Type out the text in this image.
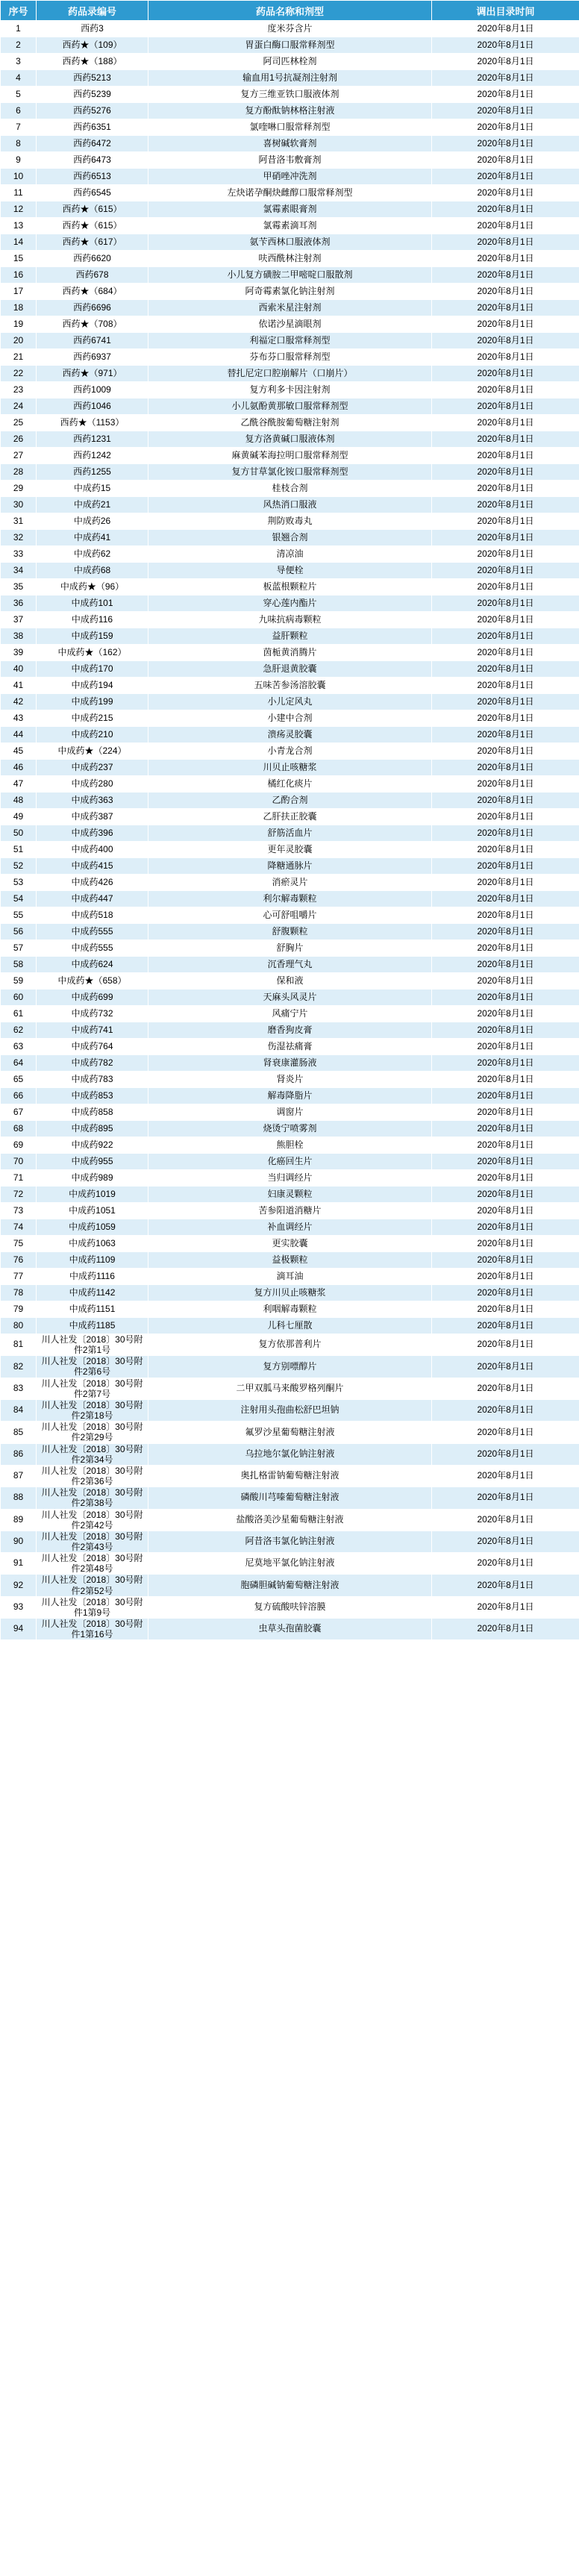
序号	药品录编号	药品名称和剂型	调出目录时间
1	西药3	度米芬含片	2020年8月1日
2	西药★（109）	胃蛋白酶口服常释剂型	2020年8月1日
3	西药★（188）	阿司匹林栓剂	2020年8月1日
4	西药5213	输血用1号抗凝剂注射剂	2020年8月1日
5	西药5239	复方三维亚铁口服液体剂	2020年8月1日
6	西药5276	复方酚酞钠林格注射液	2020年8月1日
7	西药6351	氯喹啉口服常释剂型	2020年8月1日
8	西药6472	喜树碱软膏剂	2020年8月1日
9	西药6473	阿昔洛韦敷膏剂	2020年8月1日
10	西药6513	甲硝唑冲洗剂	2020年8月1日
11	西药6545	左炔诺孕酮炔雌醇口服常释剂型	2020年8月1日
12	西药★（615）	氯霉素眼膏剂	2020年8月1日
13	西药★（615）	氯霉素滴耳剂	2020年8月1日
14	西药★（617）	氨苄西林口服液体剂	2020年8月1日
15	西药6620	呋西酰林注射剂	2020年8月1日
16	西药678	小儿复方磺胺二甲嘧啶口服散剂	2020年8月1日
17	西药★（684）	阿奇霉素氯化钠注射剂	2020年8月1日
18	西药6696	西索米星注射剂	2020年8月1日
19	西药★（708）	依诺沙星滴眼剂	2020年8月1日
20	西药6741	利福定口服常释剂型	2020年8月1日
21	西药6937	芬布芬口服常释剂型	2020年8月1日
22	西药★（971）	替扎尼定口腔崩解片（口崩片）	2020年8月1日
23	西药1009	复方利多卡因注射剂	2020年8月1日
24	西药1046	小儿氨酚黄那敏口服常释剂型	2020年8月1日
25	西药★（1153）	乙酰谷酰胺葡萄糖注射剂	2020年8月1日
26	西药1231	复方洛黄碱口服液体剂	2020年8月1日
27	西药1242	麻黄碱苯海拉明口服常释剂型	2020年8月1日
28	西药1255	复方甘草氯化铵口服常释剂型	2020年8月1日
29	中成药15	桂枝合剂	2020年8月1日
30	中成药21	风热消口服液	2020年8月1日
31	中成药26	荆防败毒丸	2020年8月1日
32	中成药41	银翘合剂	2020年8月1日
33	中成药62	清凉油	2020年8月1日
34	中成药68	导便栓	2020年8月1日
35	中成药★（96）	板蓝根颗粒片	2020年8月1日
36	中成药101	穿心莲内酯片	2020年8月1日
37	中成药116	九味抗病毒颗粒	2020年8月1日
38	中成药159	益肝颗粒	2020年8月1日
39	中成药★（162）	茵栀黄消腾片	2020年8月1日
40	中成药170	急肝退黄胶囊	2020年8月1日
41	中成药194	五味苦参汤溶胶囊	2020年8月1日
42	中成药199	小儿定风丸	2020年8月1日
43	中成药215	小建中合剂	2020年8月1日
44	中成药210	溃疡灵胶囊	2020年8月1日
45	中成药★（224）	小青龙合剂	2020年8月1日
46	中成药237	川贝止咳糖浆	2020年8月1日
47	中成药280	橘红化痰片	2020年8月1日
48	中成药363	乙酌合剂	2020年8月1日
49	中成药387	乙肝扶正胶囊	2020年8月1日
50	中成药396	舒筋活血片	2020年8月1日
51	中成药400	更年灵胶囊	2020年8月1日
52	中成药415	降糖通脉片	2020年8月1日
53	中成药426	消瘀灵片	2020年8月1日
54	中成药447	利尔解毒颗粒	2020年8月1日
55	中成药518	心可舒咀嚼片	2020年8月1日
56	中成药555	舒腹颗粒	2020年8月1日
57	中成药555	舒胸片	2020年8月1日
58	中成药624	沉香理气丸	2020年8月1日
59	中成药★（658）	保和液	2020年8月1日
60	中成药699	天麻头风灵片	2020年8月1日
61	中成药732	风痛宁片	2020年8月1日
62	中成药741	磨香狗皮膏	2020年8月1日
63	中成药764	伤湿祛痛膏	2020年8月1日
64	中成药782	肾衰康灌肠液	2020年8月1日
65	中成药783	肾炎片	2020年8月1日
66	中成药853	解毒降脂片	2020年8月1日
67	中成药858	调窗片	2020年8月1日
68	中成药895	烧烫宁喷雾剂	2020年8月1日
69	中成药922	熊胆栓	2020年8月1日
70	中成药955	化癌回生片	2020年8月1日
71	中成药989	当归调经片	2020年8月1日
72	中成药1019	妇康灵颗粒	2020年8月1日
73	中成药1051	苦参阳道消糖片	2020年8月1日
74	中成药1059	补血调经片	2020年8月1日
75	中成药1063	更实胶囊	2020年8月1日
76	中成药1109	益极颗粒	2020年8月1日
77	中成药1116	滴耳油	2020年8月1日
78	中成药1142	复方川贝止咳糖浆	2020年8月1日
79	中成药1151	利咽解毒颗粒	2020年8月1日
80	中成药1185	儿科七厘散	2020年8月1日
81	川人社发〔2018〕30号附件2第1号	复方依那普利片	2020年8月1日
82	川人社发〔2018〕30号附件2第6号	复方别嘌醇片	2020年8月1日
83	川人社发〔2018〕30号附件2第7号	二甲双胍马来酸罗格列酮片	2020年8月1日
84	川人社发〔2018〕30号附件2第18号	注射用头孢曲松舒巴坦钠	2020年8月1日
85	川人社发〔2018〕30号附件2第29号	氟罗沙星葡萄糖注射液	2020年8月1日
86	川人社发〔2018〕30号附件2第34号	乌拉地尔氯化钠注射液	2020年8月1日
87	川人社发〔2018〕30号附件2第36号	奥扎格雷钠葡萄糖注射液	2020年8月1日
88	川人社发〔2018〕30号附件2第38号	磷酸川芎嗪葡萄糖注射液	2020年8月1日
89	川人社发〔2018〕30号附件2第42号	盐酸洛美沙星葡萄糖注射液	2020年8月1日
90	川人社发〔2018〕30号附件2第43号	阿昔洛韦氯化钠注射液	2020年8月1日
91	川人社发〔2018〕30号附件2第48号	尼莫地平氯化钠注射液	2020年8月1日
92	川人社发〔2018〕30号附件2第52号	胞磷胆碱钠葡萄糖注射液	2020年8月1日
93	川人社发〔2018〕30号附件1第9号	复方硫酸呋锌溶膜	2020年8月1日
94	川人社发〔2018〕30号附件1第16号	虫草头孢菌胶囊	2020年8月1日
